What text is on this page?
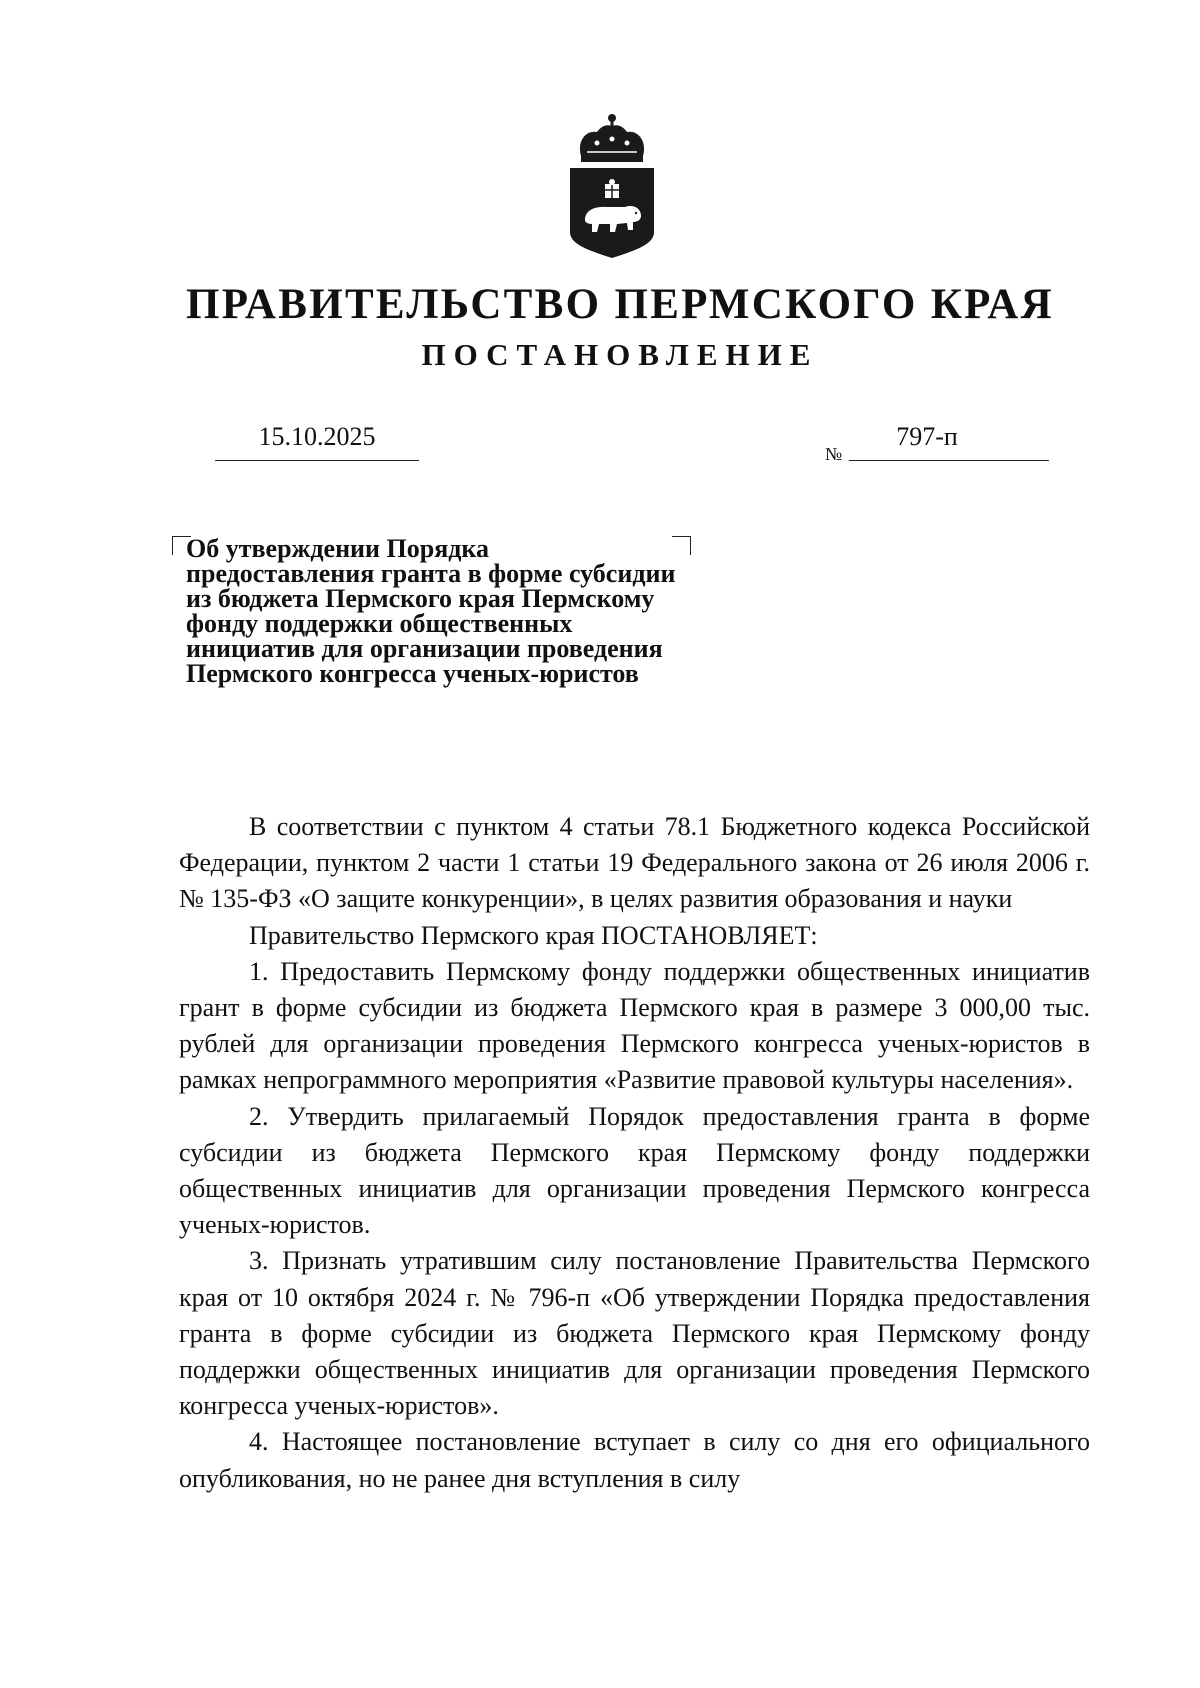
ПРАВИТЕЛЬСТВО ПЕРМСКОГО КРАЯ
ПОСТАНОВЛЕНИЕ
15.10.2025
№
797-п
Об утверждении Порядка
предоставления гранта в форме субсидии
из бюджета Пермского края Пермскому
фонду поддержки общественных
инициатив для организации проведения
Пермского конгресса ученых-юристов

В соответствии с пунктом 4 статьи 78.1 Бюджетного кодекса Российской Федерации, пунктом 2 части 1 статьи 19 Федерального закона от 26 июля 2006 г. № 135-ФЗ «О защите конкуренции», в целях развития образования и науки

Правительство Пермского края ПОСТАНОВЛЯЕТ:

1. Предоставить Пермскому фонду поддержки общественных инициатив грант в форме субсидии из бюджета Пермского края в размере 3 000,00 тыс. рублей для организации проведения Пермского конгресса ученых-юристов в рамках непрограммного мероприятия «Развитие правовой культуры населения».

2. Утвердить прилагаемый Порядок предоставления гранта в форме субсидии из бюджета Пермского края Пермскому фонду поддержки общественных инициатив для организации проведения Пермского конгресса ученых-юристов.

3. Признать утратившим силу постановление Правительства Пермского края от 10 октября 2024 г. № 796-п «Об утверждении Порядка предоставления гранта в форме субсидии из бюджета Пермского края Пермскому фонду поддержки общественных инициатив для организации проведения Пермского конгресса ученых-юристов».

4. Настоящее постановление вступает в силу со дня его официального опубликования, но не ранее дня вступления в силу
